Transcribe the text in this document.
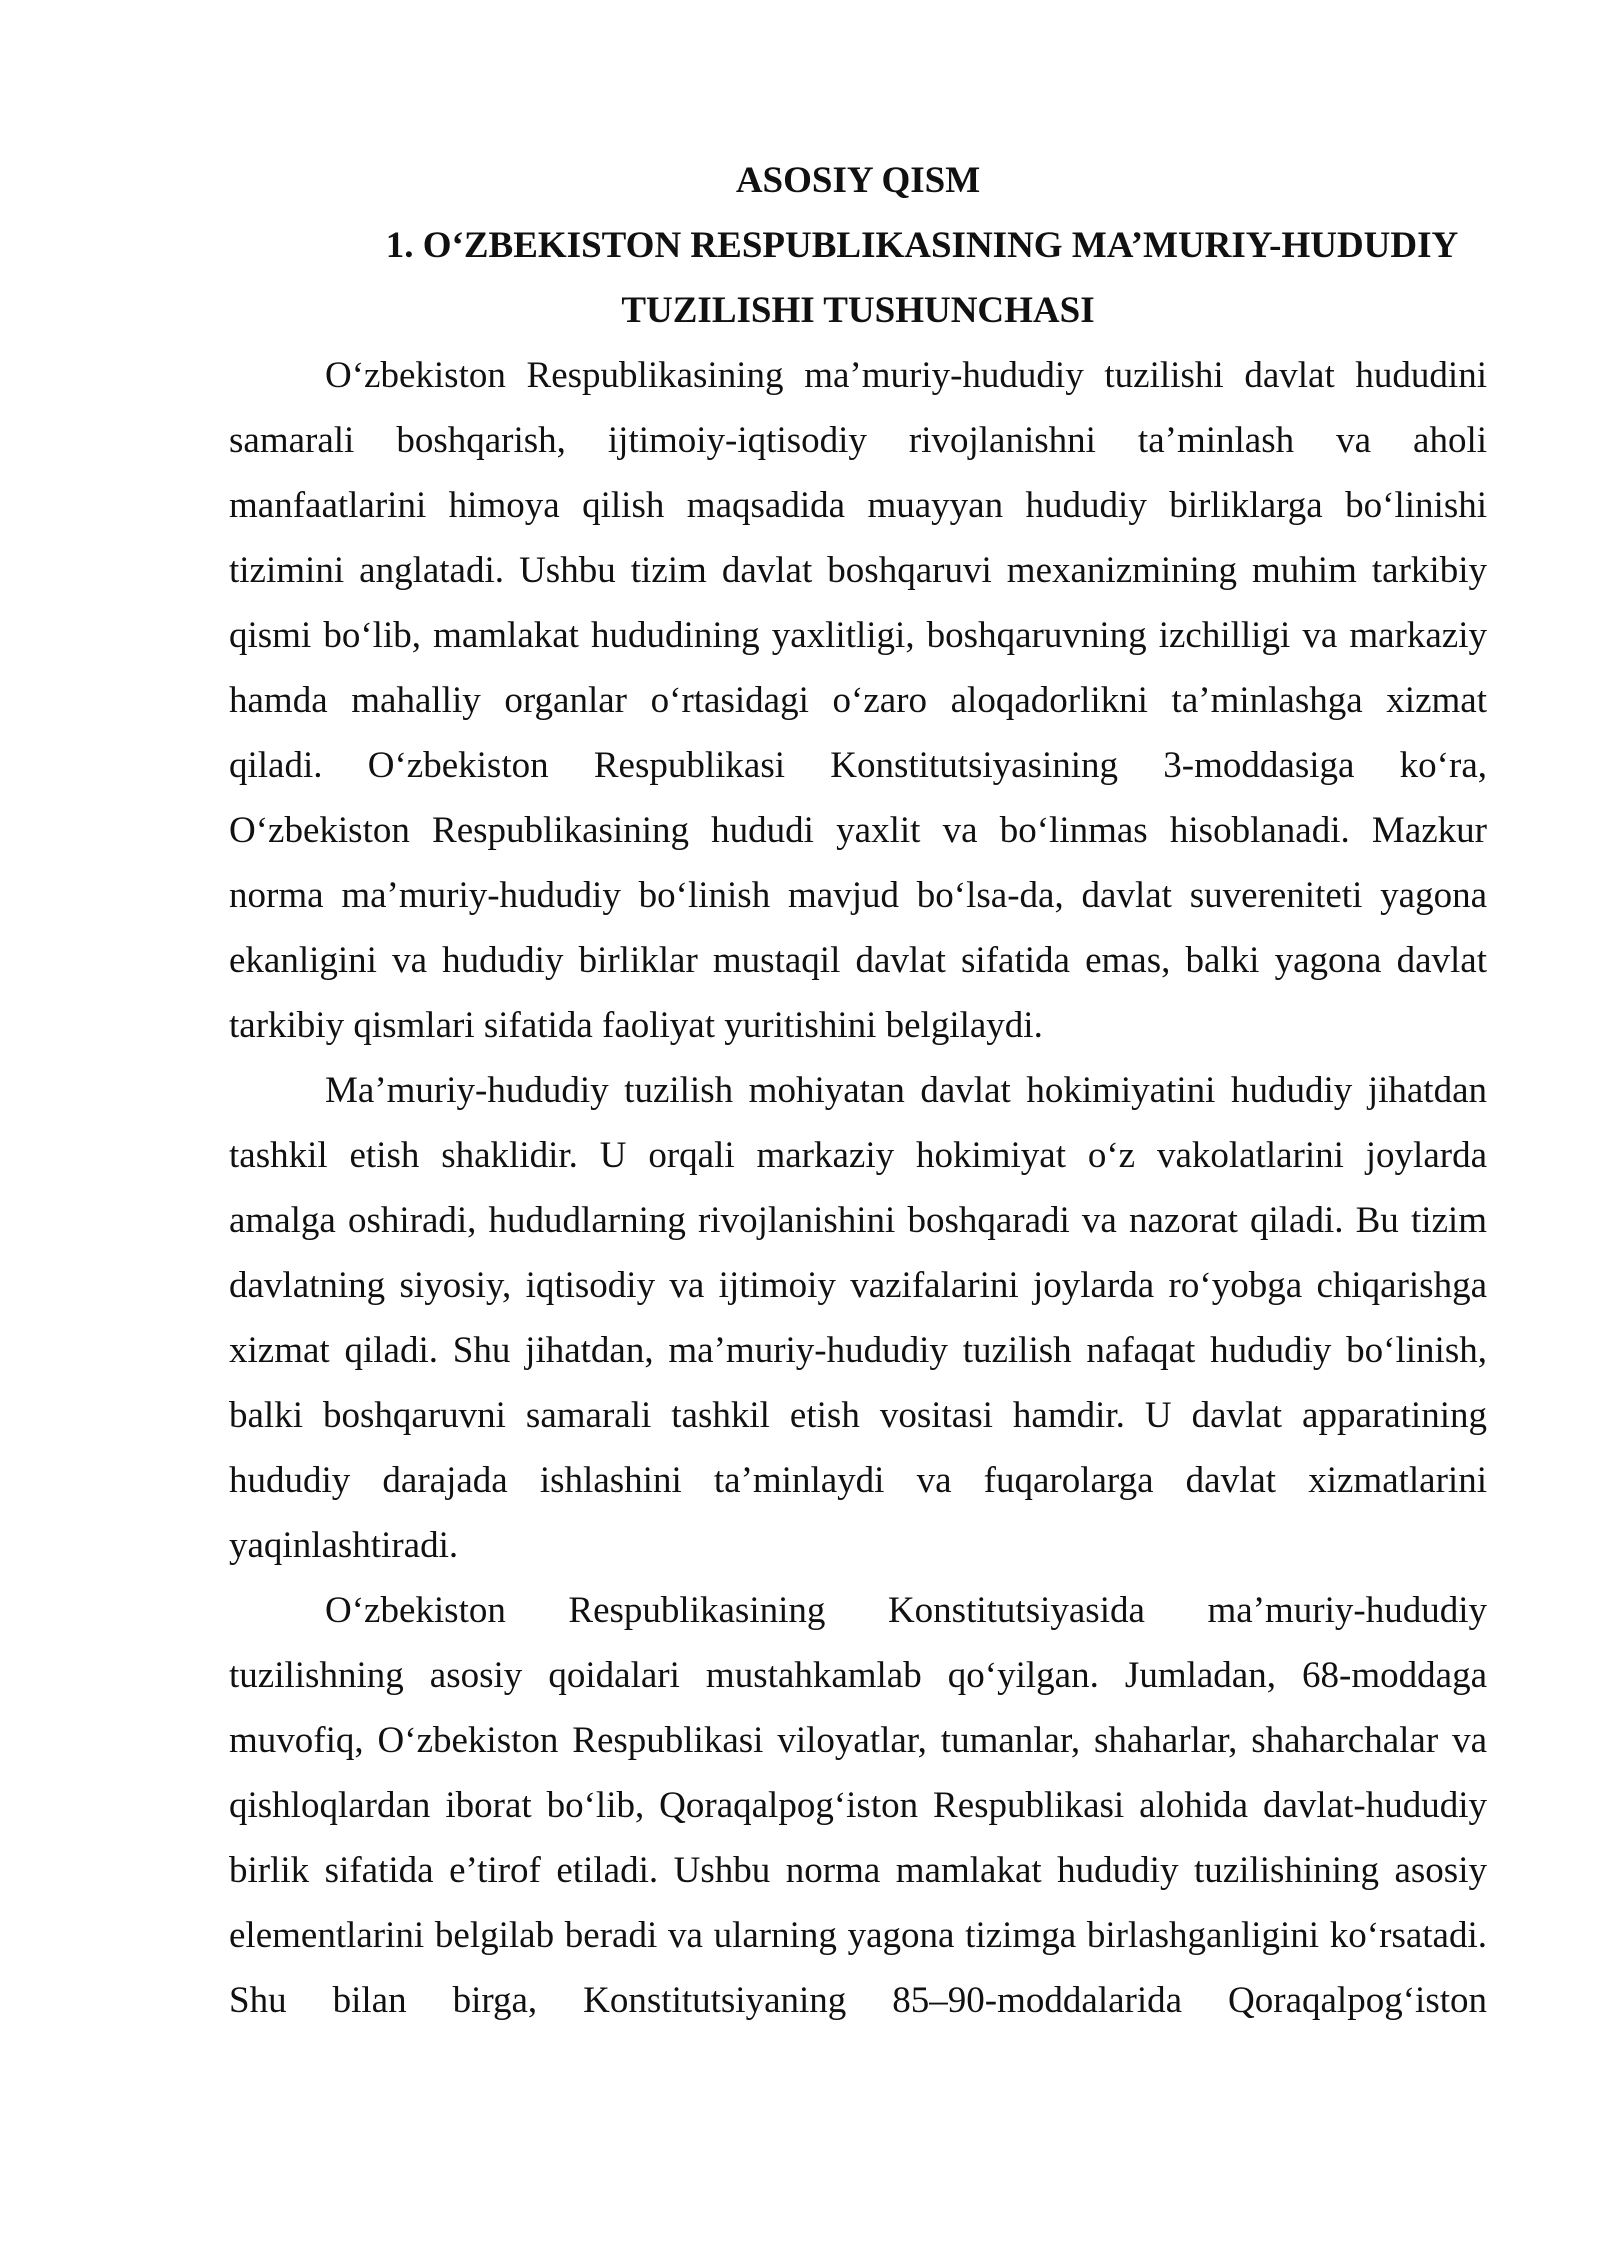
ASOSIY QISM

1. O‘ZBEKISTON RESPUBLIKASINING MA’MURIY-HUDUDIY

TUZILISHI TUSHUNCHASI

O‘zbekiston Respublikasining ma’muriy-hududiy tuzilishi davlat hududini samarali boshqarish, ijtimoiy-iqtisodiy rivojlanishni ta’minlash va aholi manfaatlarini himoya qilish maqsadida muayyan hududiy birliklarga bo‘linishi tizimini anglatadi. Ushbu tizim davlat boshqaruvi mexanizmining muhim tarkibiy qismi bo‘lib, mamlakat hududining yaxlitligi, boshqaruvning izchilligi va markaziy hamda mahalliy organlar o‘rtasidagi o‘zaro aloqadorlikni ta’minlashga xizmat qiladi. O‘zbekiston Respublikasi Konstitutsiyasining 3-moddasiga ko‘ra, O‘zbekiston Respublikasining hududi yaxlit va bo‘linmas hisoblanadi. Mazkur norma ma’muriy-hududiy bo‘linish mavjud bo‘lsa-da, davlat suvereniteti yagona ekanligini va hududiy birliklar mustaqil davlat sifatida emas, balki yagona davlat tarkibiy qismlari sifatida faoliyat yuritishini belgilaydi.

Ma’muriy-hududiy tuzilish mohiyatan davlat hokimiyatini hududiy jihatdan tashkil etish shaklidir. U orqali markaziy hokimiyat o‘z vakolatlarini joylarda amalga oshiradi, hududlarning rivojlanishini boshqaradi va nazorat qiladi. Bu tizim davlatning siyosiy, iqtisodiy va ijtimoiy vazifalarini joylarda ro‘yobga chiqarishga xizmat qiladi. Shu jihatdan, ma’muriy-hududiy tuzilish nafaqat hududiy bo‘linish, balki boshqaruvni samarali tashkil etish vositasi hamdir. U davlat apparatining hududiy darajada ishlashini ta’minlaydi va fuqarolarga davlat xizmatlarini yaqinlashtiradi.

O‘zbekiston Respublikasining Konstitutsiyasida ma’muriy-hududiy tuzilishning asosiy qoidalari mustahkamlab qo‘yilgan. Jumladan, 68-moddaga muvofiq, O‘zbekiston Respublikasi viloyatlar, tumanlar, shaharlar, shaharchalar va qishloqlardan iborat bo‘lib, Qoraqalpog‘iston Respublikasi alohida davlat-hududiy birlik sifatida e’tirof etiladi. Ushbu norma mamlakat hududiy tuzilishining asosiy elementlarini belgilab beradi va ularning yagona tizimga birlashganligini ko‘rsatadi. Shu bilan birga, Konstitutsiyaning 85–90-moddalarida Qoraqalpog‘iston
